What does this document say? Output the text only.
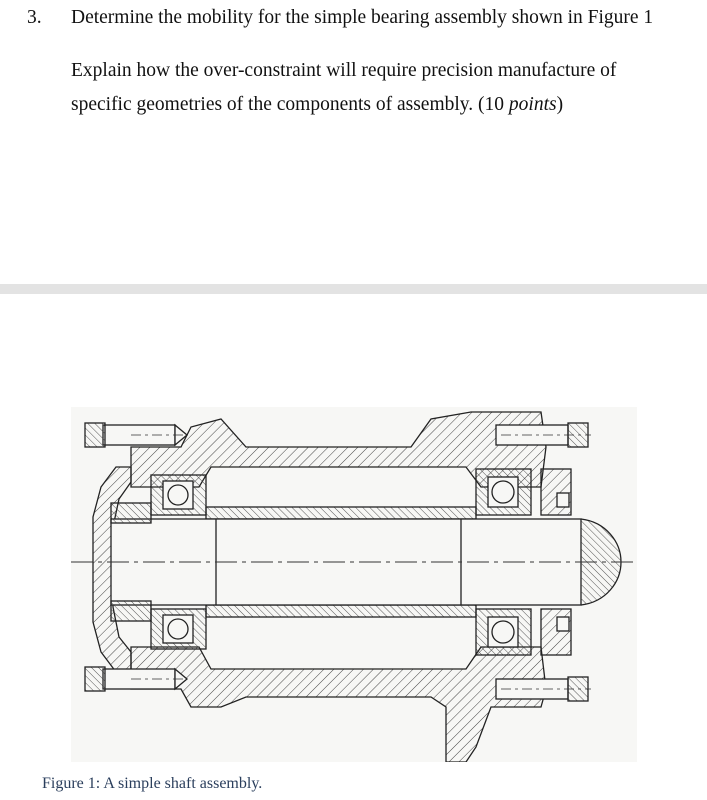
3. Determine the mobility for the simple bearing assembly shown in Figure 1
Explain how the over-constraint will require precision manufacture of
specific geometries of the components of assembly. (10 points)
Figure 1: A simple shaft assembly.
